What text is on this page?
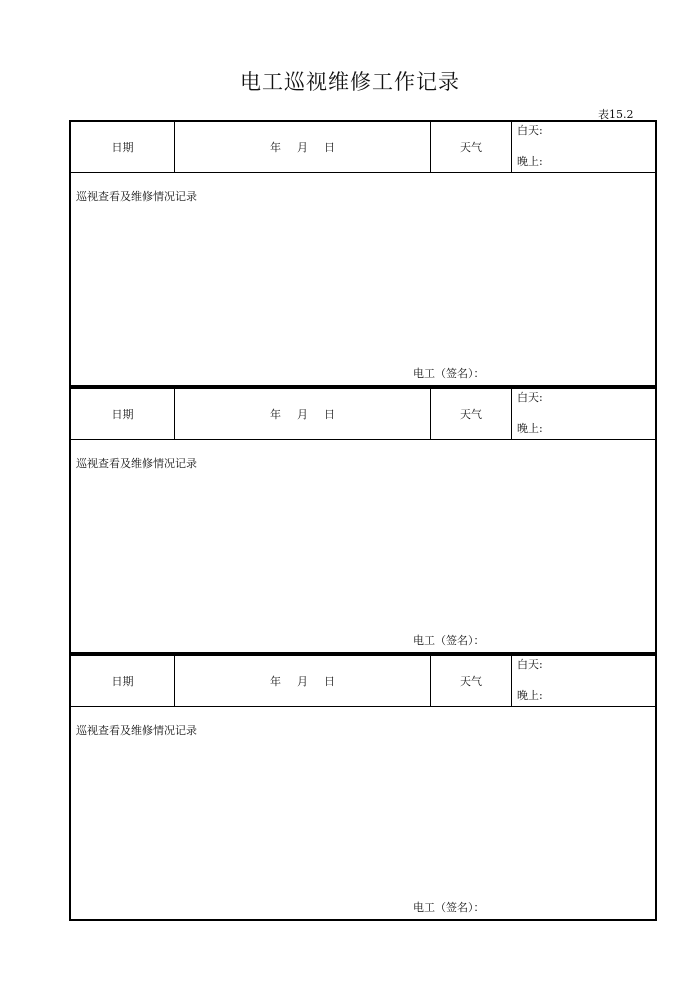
电工巡视维修工作记录
表15.2
日期	年 月 日	天气
白天:
晚上:
巡视查看及维修情况记录
电工（签名）：
日期	年 月 日	天气
白天:
晚上:
巡视查看及维修情况记录
电工（签名）：
日期	年 月 日	天气
白天:
晚上:
巡视查看及维修情况记录
电工（签名）：
